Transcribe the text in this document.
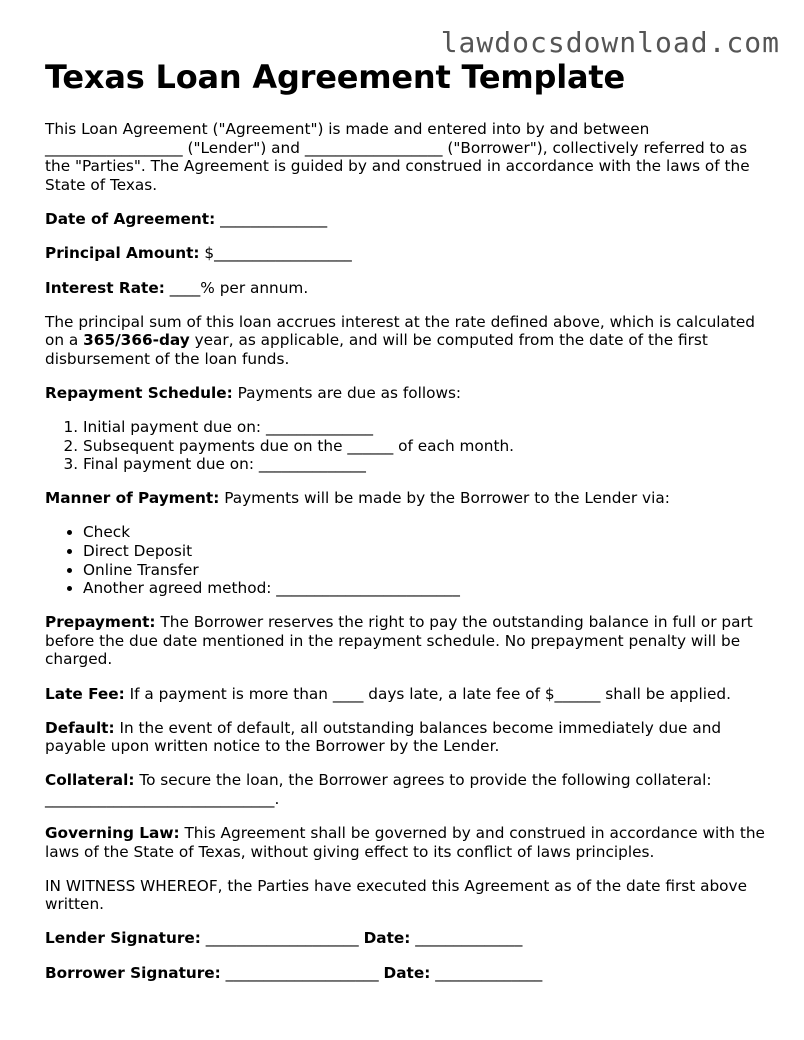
lawdocsdownload.com
Texas Loan Agreement Template

This Loan Agreement ("Agreement") is made and entered into by and between __________________ ("Lender") and __________________ ("Borrower"), collectively referred to as the "Parties". The Agreement is guided by and construed in accordance with the laws of the State of Texas.

Date of Agreement: ______________

Principal Amount: $__________________

Interest Rate: ____% per annum.

The principal sum of this loan accrues interest at the rate defined above, which is calculated on a 365/366-day year, as applicable, and will be computed from the date of the first disbursement of the loan funds.

Repayment Schedule: Payments are due as follows:

1. Initial payment due on: ______________
2. Subsequent payments due on the ______ of each month.
3. Final payment due on: ______________

Manner of Payment: Payments will be made by the Borrower to the Lender via:

• Check
• Direct Deposit
• Online Transfer
• Another agreed method: ________________________

Prepayment: The Borrower reserves the right to pay the outstanding balance in full or part before the due date mentioned in the repayment schedule. No prepayment penalty will be charged.

Late Fee: If a payment is more than ____ days late, a late fee of $______ shall be applied.

Default: In the event of default, all outstanding balances become immediately due and payable upon written notice to the Borrower by the Lender.

Collateral: To secure the loan, the Borrower agrees to provide the following collateral: ______________________________.

Governing Law: This Agreement shall be governed by and construed in accordance with the laws of the State of Texas, without giving effect to its conflict of laws principles.

IN WITNESS WHEREOF, the Parties have executed this Agreement as of the date first above written.

Lender Signature: ____________________ Date: ______________

Borrower Signature: ____________________ Date: ______________
